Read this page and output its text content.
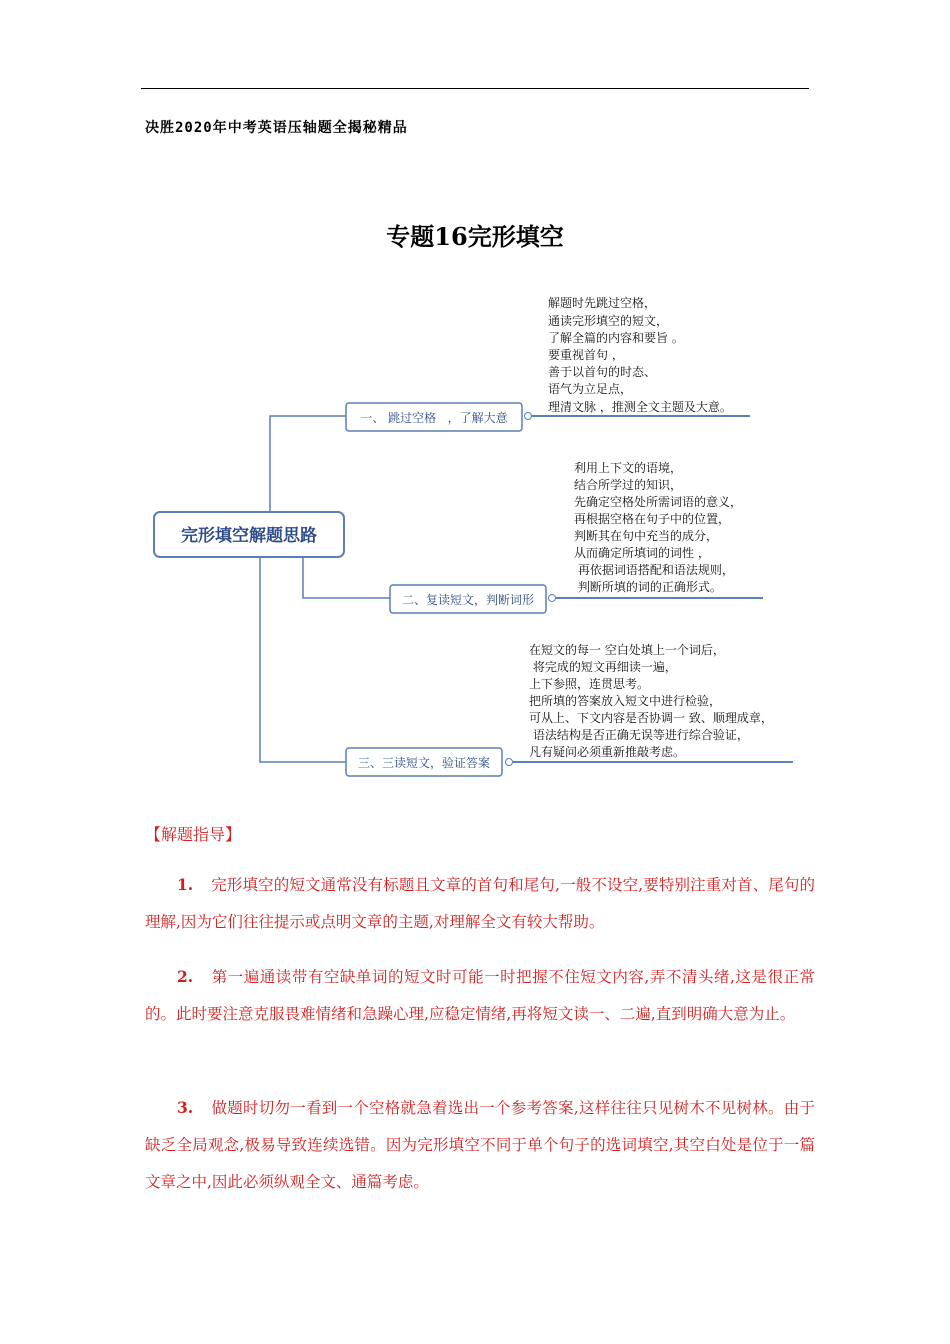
决胜2020年中考英语压轴题全揭秘精品
专题16完形填空
完形填空解题思路
一、 跳过空格   ，了解大意
解题时先跳过空格，
通读完形填空的短文，
了解全篇的内容和要旨 。
要重视首句 ，
善于以首句的时态、
语气为立足点，
理清文脉 ，推测全文主题及大意。
二、复读短文，判断词形
利用上下文的语境，
结合所学过的知识，
先确定空格处所需词语的意义，
再根据空格在句子中的位置，
判断其在句中充当的成分，
从而确定所填词的词性 ，
再依据词语搭配和语法规则，
判断所填的词的正确形式。
三、三读短文，验证答案
在短文的每一 空白处填上一个词后，
将完成的短文再细读一遍，
上下参照，连贯思考。
把所填的答案放入短文中进行检验，
可从上、下文内容是否协调一 致、顺理成章，
语法结构是否正确无误等进行综合验证，
凡有疑问必须重新推敲考虑。
【解题指导】
1. 完形填空的短文通常没有标题且文章的首句和尾句,一般不设空,要特别注重对首、尾句的理解,因为它们往往提示或点明文章的主题,对理解全文有较大帮助。
2. 第一遍通读带有空缺单词的短文时可能一时把握不住短文内容,弄不清头绪,这是很正常的。此时要注意克服畏难情绪和急躁心理,应稳定情绪,再将短文读一、二遍,直到明确大意为止。
3. 做题时切勿一看到一个空格就急着选出一个参考答案,这样往往只见树木不见树林。由于缺乏全局观念,极易导致连续选错。因为完形填空不同于单个句子的选词填空,其空白处是位于一篇文章之中,因此必须纵观全文、通篇考虑。
